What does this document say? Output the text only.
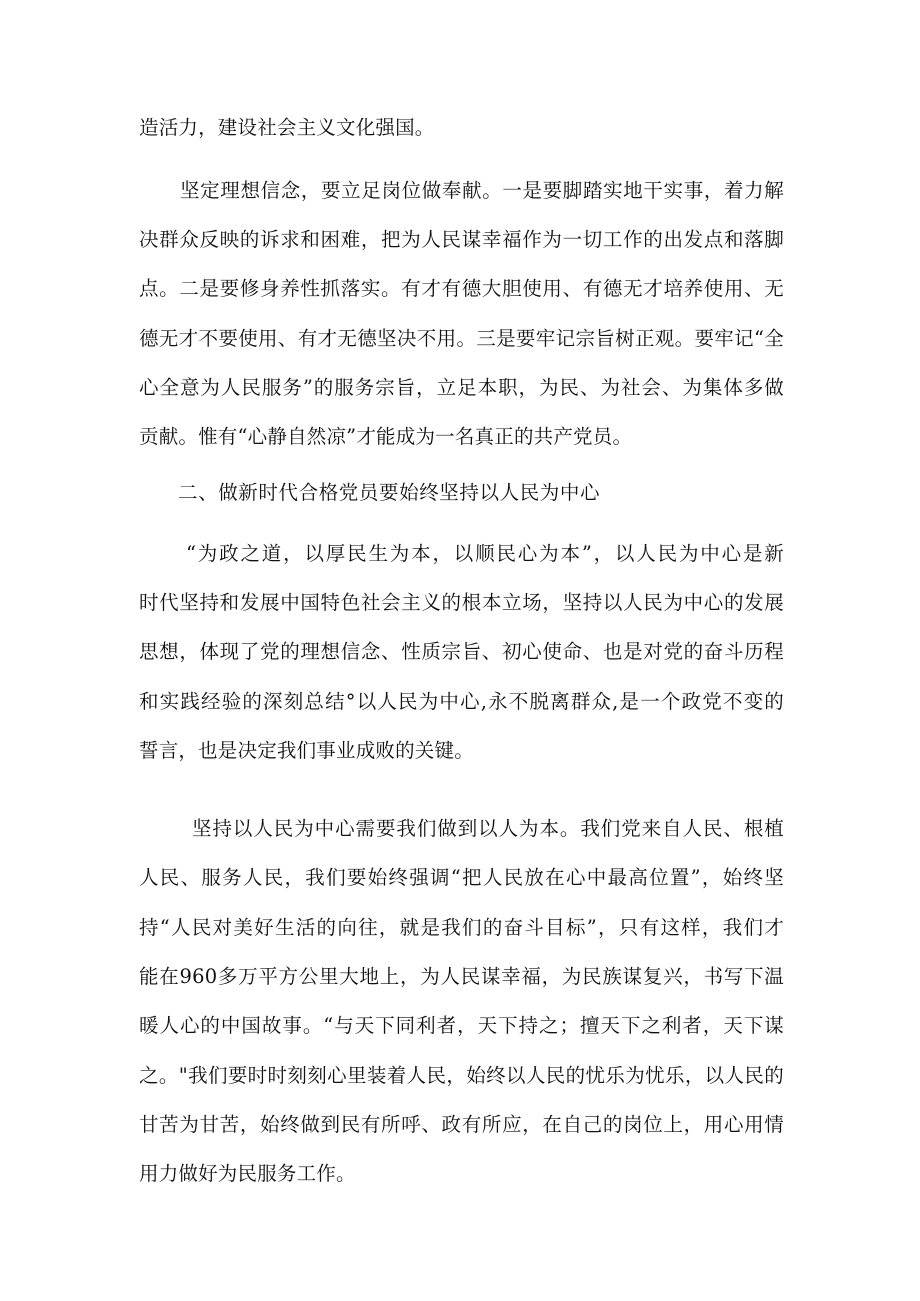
造活力，建设社会主义文化强国。
坚定理想信念，要立足岗位做奉献。一是要脚踏实地干实事，着力解
决群众反映的诉求和困难，把为人民谋幸福作为一切工作的出发点和落脚
点。二是要修身养性抓落实。有才有德大胆使用、有德无才培养使用、无
德无才不要使用、有才无德坚决不用。三是要牢记宗旨树正观。要牢记“全
心全意为人民服务”的服务宗旨，立足本职，为民、为社会、为集体多做
贡献。惟有“心静自然凉”才能成为一名真正的共产党员。
二、做新时代合格党员要始终坚持以人民为中心
“为政之道，以厚民生为本，以顺民心为本”，以人民为中心是新
时代坚持和发展中国特色社会主义的根本立场，坚持以人民为中心的发展
思想，体现了党的理想信念、性质宗旨、初心使命、也是对党的奋斗历程
和实践经验的深刻总结°以人民为中心,永不脱离群众,是一个政党不变的
誓言，也是决定我们事业成败的关键。
坚持以人民为中心需要我们做到以人为本。我们党来自人民、根植
人民、服务人民，我们要始终强调“把人民放在心中最高位置”，始终坚
持“人民对美好生活的向往，就是我们的奋斗目标”，只有这样，我们才
能在960多万平方公里大地上，为人民谋幸福，为民族谋复兴，书写下温
暖人心的中国故事。“与天下同利者，天下持之；擅天下之利者，天下谋
之。"我们要时时刻刻心里装着人民，始终以人民的忧乐为忧乐，以人民的
甘苦为甘苦，始终做到民有所呼、政有所应，在自己的岗位上，用心用情
用力做好为民服务工作。
